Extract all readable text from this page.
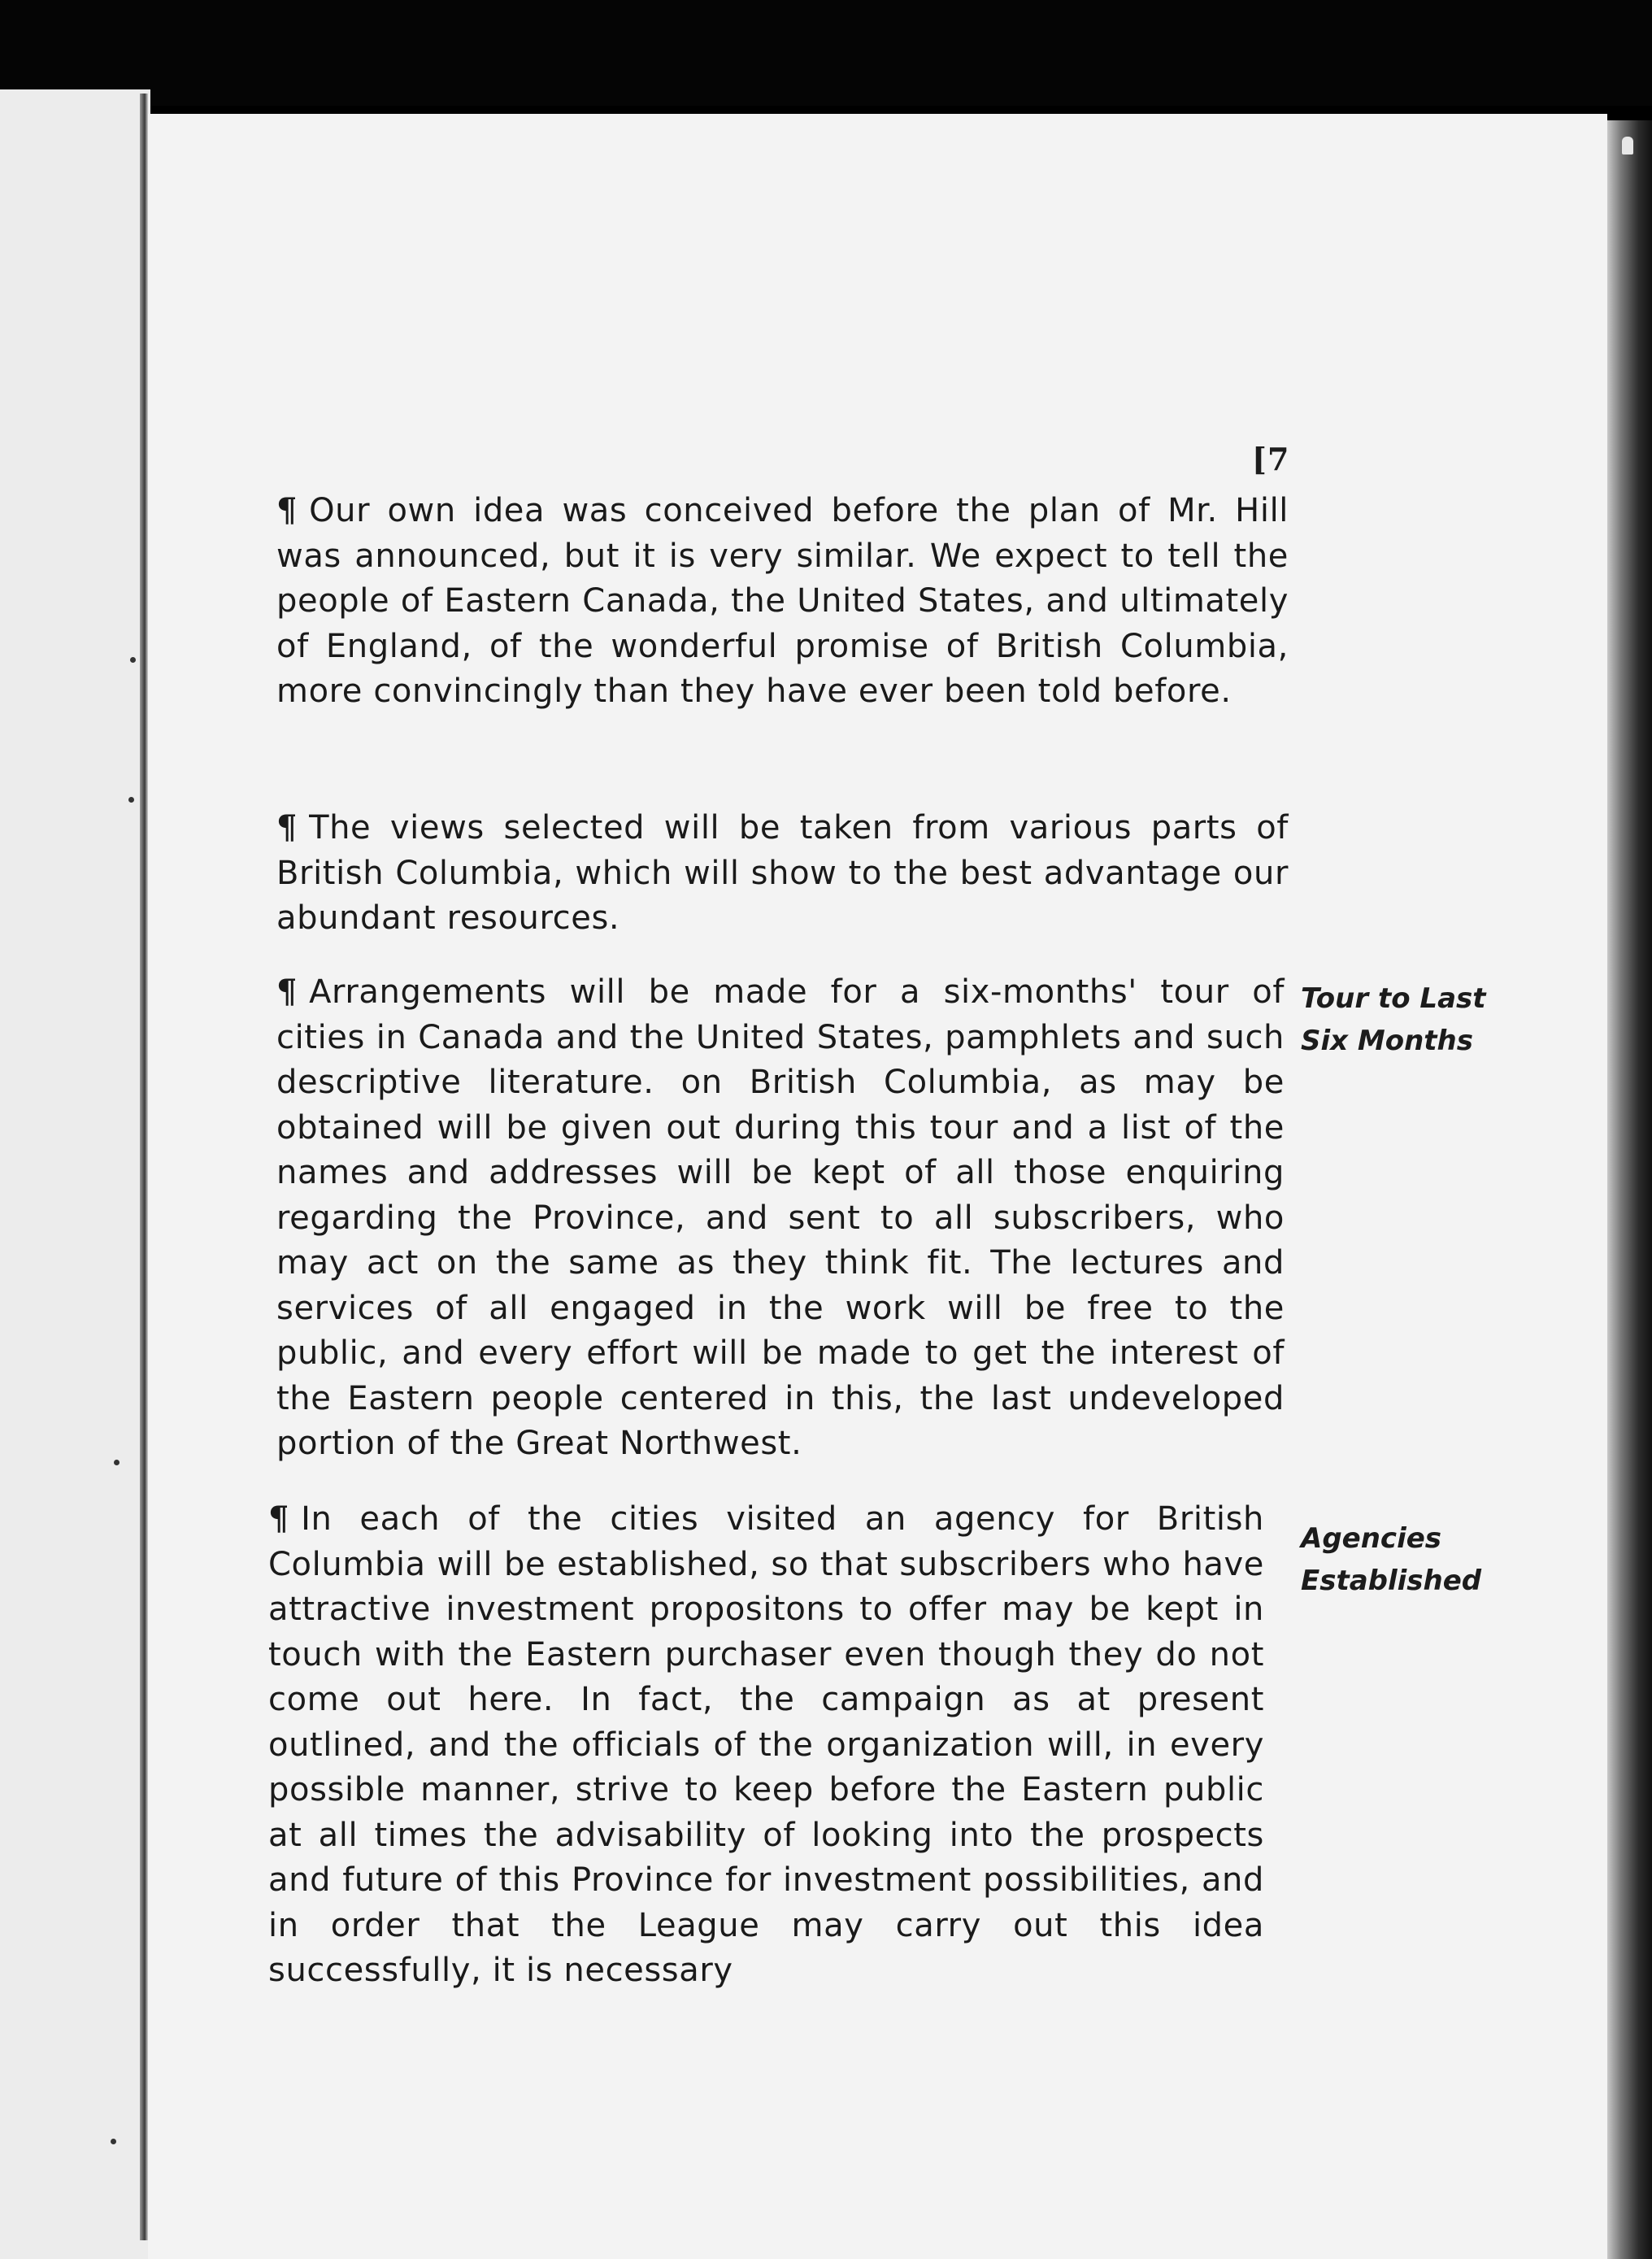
[7

¶ Our own idea was conceived before the plan of Mr. Hill was announced, but it is very similar. We expect to tell the people of Eastern Canada, the United States, and ultimately of England, of the wonderful promise of British Columbia, more convincingly than they have ever been told before.

¶ The views selected will be taken from various parts of British Columbia, which will show to the best advantage our abundant resources.

¶ Arrangements will be made for a six-months' tour of cities in Canada and the United States, pamphlets and such descriptive literature. on British Columbia, as may be obtained will be given out during this tour and a list of the names and addresses will be kept of all those enquiring regarding the Province, and sent to all subscribers, who may act on the same as they think fit. The lectures and services of all engaged in the work will be free to the public, and every effort will be made to get the interest of the Eastern people centered in this, the last undeveloped portion of the Great Northwest.

¶ In each of the cities visited an agency for British Columbia will be established, so that subscribers who have attractive investment propositons to offer may be kept in touch with the Eastern purchaser even though they do not come out here. In fact, the campaign as at present outlined, and the officials of the organization will, in every possible manner, strive to keep before the Eastern public at all times the advisability of looking into the prospects and future of this Province for investment possibilities, and in order that the League may carry out this idea successfully, it is necessary

Tour to Last
Six Months
Agencies
Established
